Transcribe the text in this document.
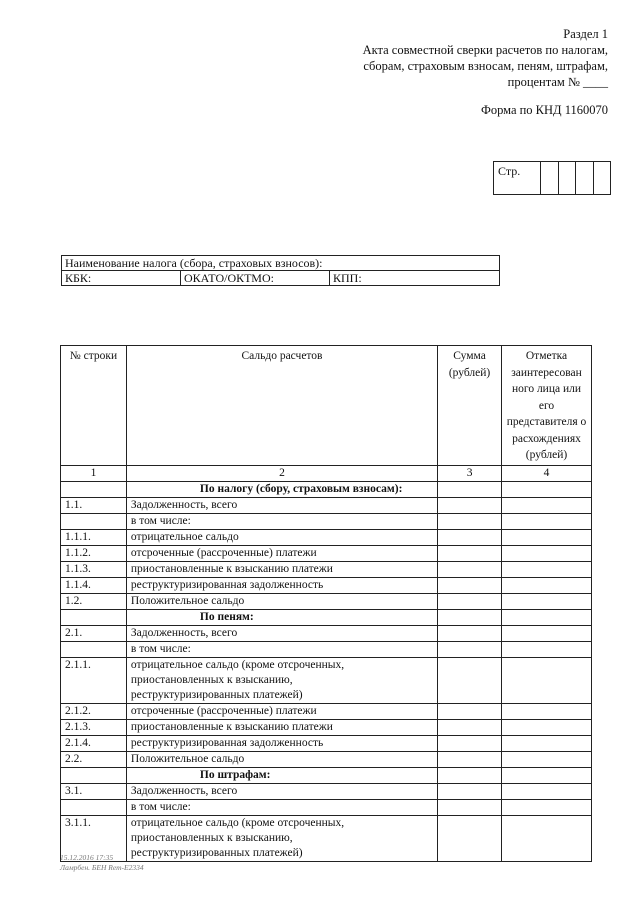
Раздел 1
Акта совместной сверки расчетов по налогам,
сборам, страховым взносам, пеням, штрафам,
процентам № ____
Форма по КНД 1160070
Стр.				
Наименование налога (сбора, страховых взносов):
КБК:	ОКАТО/ОКТМО:	КПП:
№ строки	Сальдо расчетов	Сумма (рублей)	Отметка заинтересован ного лица или его представителя о расхождениях (рублей)
1	2	3	4
	По налогу (сбору, страховым взносам):		
1.1.	Задолженность, всего		
	в том числе:		
1.1.1.	отрицательное сальдо		
1.1.2.	отсроченные (рассроченные) платежи		
1.1.3.	приостановленные к взысканию платежи		
1.1.4.	реструктуризированная задолженность		
1.2.	Положительное сальдо		
	По пеням:		
2.1.	Задолженность, всего		
	в том числе:		
2.1.1.	отрицательное сальдо (кроме отсроченных,
приостановленных к взысканию,
реструктуризированных платежей)		
2.1.2.	отсроченные (рассроченные) платежи		
2.1.3.	приостановленные к взысканию платежи		
2.1.4.	реструктуризированная задолженность		
2.2.	Положительное сальдо		
	По штрафам:		
3.1.	Задолженность, всего		
	в том числе:		
3.1.1.	отрицательное сальдо (кроме отсроченных,
приостановленных к взысканию,
реструктуризированных платежей)		
15.12.2016 17:35
Ламрбен. БЕН Rem-E2334
